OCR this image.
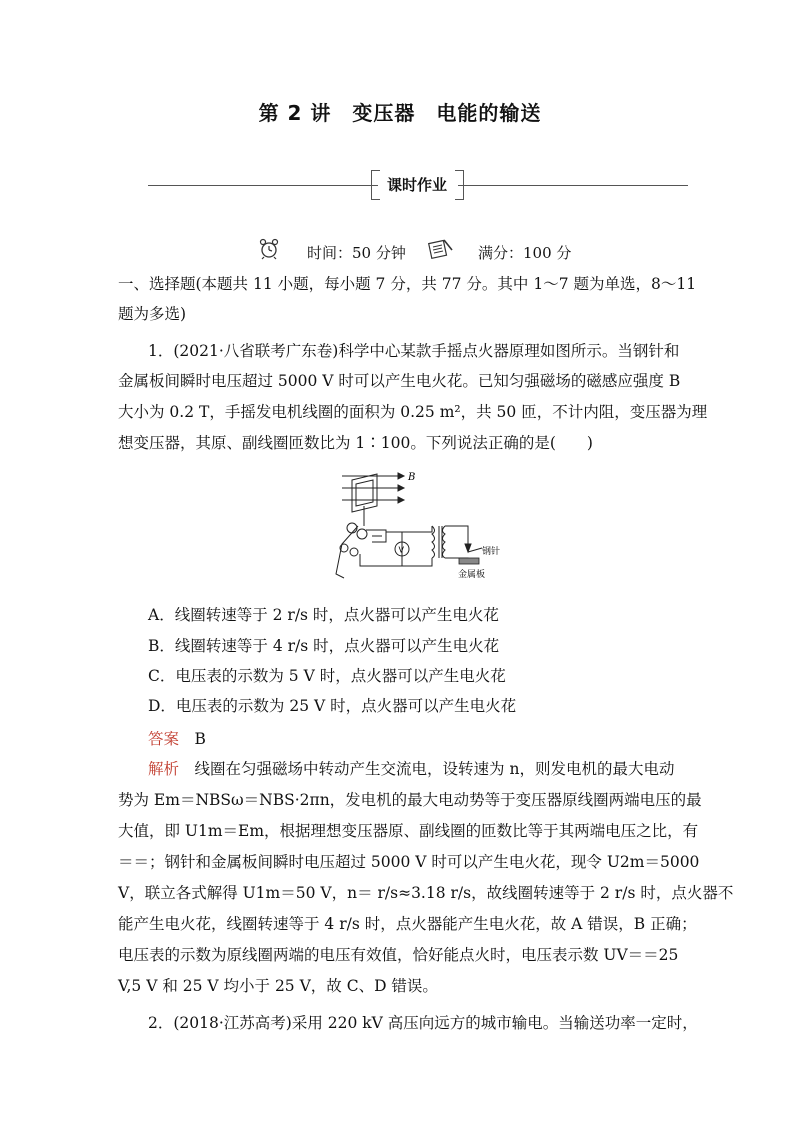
第 2 讲　变压器　电能的输送
课时作业
时间：50 分钟	满分：100 分
一、选择题(本题共 11 小题，每小题 7 分，共 77 分。其中 1～7 题为单选，8～11
题为多选)
1．(2021·八省联考广东卷)科学中心某款手摇点火器原理如图所示。当钢针和
金属板间瞬时电压超过 5000 V 时可以产生电火花。已知匀强磁场的磁感应强度 B
大小为 0.2 T，手摇发电机线圈的面积为 0.25 m²，共 50 匝，不计内阻，变压器为理
想变压器，其原、副线圈匝数比为 1∶100。下列说法正确的是(　　)
B
V	钢针
金属板
A．线圈转速等于 2 r/s 时，点火器可以产生电火花
B．线圈转速等于 4 r/s 时，点火器可以产生电火花
C．电压表的示数为 5 V 时，点火器可以产生电火花
D．电压表的示数为 25 V 时，点火器可以产生电火花
答案　 B
解析　 线圈在匀强磁场中转动产生交流电，设转速为 n，则发电机的最大电动
势为 Em＝NBSω＝NBS·2πn，发电机的最大电动势等于变压器原线圈两端电压的最
大值，即 U1m＝Em，根据理想变压器原、副线圈的匝数比等于其两端电压之比，有
＝＝；钢针和金属板间瞬时电压超过 5000 V 时可以产生电火花，现令 U2m＝5000
V，联立各式解得 U1m＝50 V，n＝ r/s≈3.18 r/s，故线圈转速等于 2 r/s 时，点火器不
能产生电火花，线圈转速等于 4 r/s 时，点火器能产生电火花，故 A 错误，B 正确；
电压表的示数为原线圈两端的电压有效值，恰好能点火时，电压表示数 UV＝＝25
V,5 V 和 25 V 均小于 25 V，故 C、D 错误。
2．(2018·江苏高考)采用 220 kV 高压向远方的城市输电。当输送功率一定时，
